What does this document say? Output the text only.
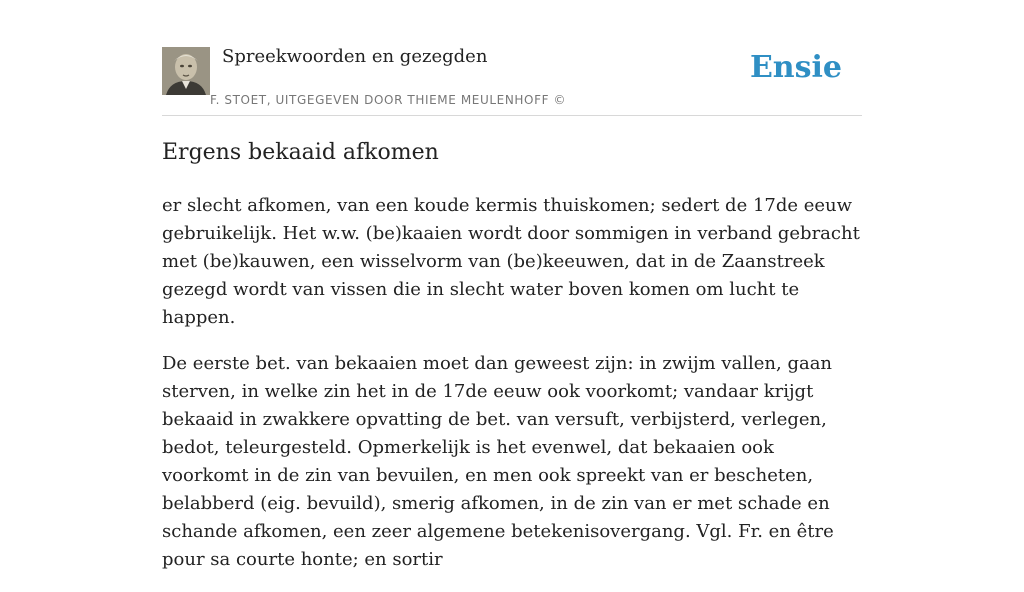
Spreekwoorden en gezegden
F. STOET, UITGEGEVEN DOOR THIEME MEULENHOFF ©
Ensie
Ergens bekaaid afkomen

er slecht afkomen, van een koude kermis thuiskomen; sedert de 17de eeuw gebruikelijk. Het w.w. (be)kaaien wordt door sommigen in verband gebracht met (be)kauwen, een wisselvorm van (be)keeuwen, dat in de Zaanstreek gezegd wordt van vissen die in slecht water boven komen om lucht te happen.

De eerste bet. van bekaaien moet dan geweest zijn: in zwijm vallen, gaan sterven, in welke zin het in de 17de eeuw ook voorkomt; vandaar krijgt bekaaid in zwakkere opvatting de bet. van versuft, verbijsterd, verlegen, bedot, teleurgesteld. Opmerkelijk is het evenwel, dat bekaaien ook voorkomt in de zin van bevuilen, en men ook spreekt van er bescheten, belabberd (eig. bevuild), smerig afkomen, in de zin van er met schade en schande afkomen, een zeer algemene betekenisovergang. Vgl. Fr. en être pour sa courte honte; en sortir
